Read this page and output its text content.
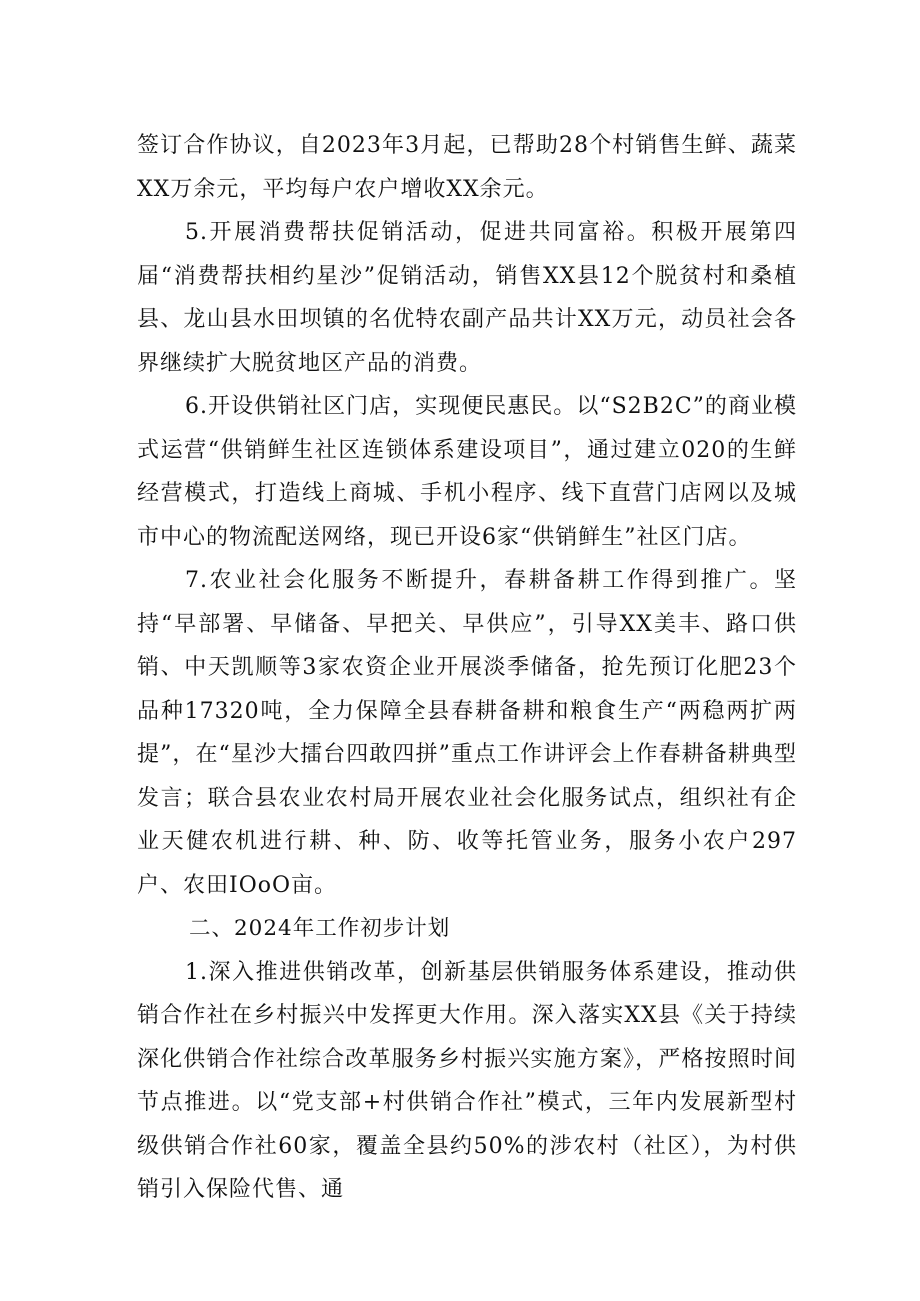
签订合作协议，自2023年3月起，已帮助28个村销售生鲜、蔬菜XX万余元，平均每户农户增收XX余元。

5.开展消费帮扶促销活动，促进共同富裕。积极开展第四届“消费帮扶相约星沙”促销活动，销售XX县12个脱贫村和桑植县、龙山县水田坝镇的名优特农副产品共计XX万元，动员社会各界继续扩大脱贫地区产品的消费。

6.开设供销社区门店，实现便民惠民。以“S2B2C”的商业模式运营“供销鲜生社区连锁体系建设项目”，通过建立020的生鲜经营模式，打造线上商城、手机小程序、线下直营门店网以及城市中心的物流配送网络，现已开设6家“供销鲜生”社区门店。

7.农业社会化服务不断提升，春耕备耕工作得到推广。坚持“早部署、早储备、早把关、早供应”，引导XX美丰、路口供销、中天凯顺等3家农资企业开展淡季储备，抢先预订化肥23个品种17320吨，全力保障全县春耕备耕和粮食生产“两稳两扩两提”，在“星沙大擂台四敢四拼”重点工作讲评会上作春耕备耕典型发言；联合县农业农村局开展农业社会化服务试点，组织社有企业天健农机进行耕、种、防、收等托管业务，服务小农户297户、农田IOoO亩。

二、2024年工作初步计划

1.深入推进供销改革，创新基层供销服务体系建设，推动供销合作社在乡村振兴中发挥更大作用。深入落实XX县《关于持续深化供销合作社综合改革服务乡村振兴实施方案》，严格按照时间节点推进。以“党支部+村供销合作社”模式，三年内发展新型村级供销合作社60家，覆盖全县约50%的涉农村（社区），为村供销引入保险代售、通
